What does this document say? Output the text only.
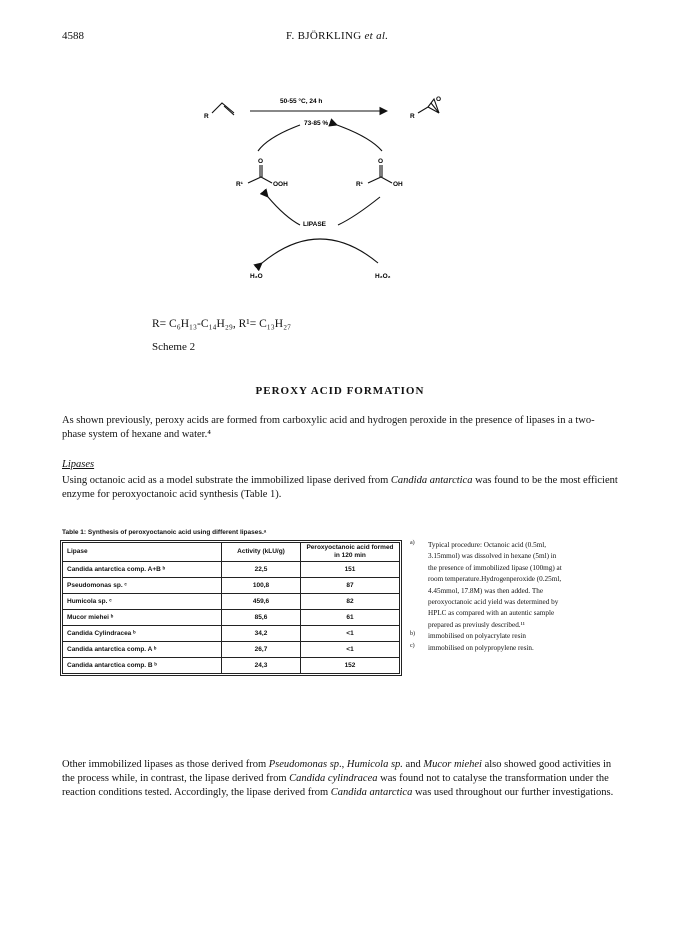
4588	F. BJÖRKLING et al.
R
50-55 °C, 24 h
73-85 %
R
O
O
R¹	OOH
O
R¹	OH
LIPASE
H₂O	H₂O₂
R= C₆H₁₃-C₁₄H₂₉, R¹= C₁₃H₂₇
Scheme 2
PEROXY ACID FORMATION

As shown previously, peroxy acids are formed from carboxylic acid and hydrogen peroxide in the presence of lipases in a two-phase system of hexane and water.⁴

Lipases

Using octanoic acid as a model substrate the immobilized lipase derived from Candida antarctica was found to be the most efficient enzyme for peroxyoctanoic acid synthesis (Table 1).

Table 1: Synthesis of peroxyoctanoic acid using different lipases.ᵃ
Lipase	Activity (kLU/g)	Peroxyoctanoic acid formed in 120 min
Candida antarctica comp. A+B ᵇ	22,5	151
Pseudomonas sp. ᶜ	100,8	87
Humicola sp. ᶜ	459,6	82
Mucor miehei ᵇ	85,6	61
Candida Cylindracea ᵇ	34,2	<1
Candida antarctica comp. A ᵇ	26,7	<1
Candida antarctica comp. B ᵇ	24,3	152
a) Typical procedure: Octanoic acid (0.5ml,
3.15mmol) was dissolved in hexane (5ml) in
the presence of immobilized lipase (100mg) at
room temperature.Hydrogenperoxide (0.25ml,
4.45mmol, 17.8M) was then added. The
peroxyoctanoic acid yield was determined by
HPLC as compared with an autentic sample
prepared as previusly described.¹¹
b) immobilised on polyacrylate resin
c) immobilised on polypropylene resin.

Other immobilized lipases as those derived from Pseudomonas sp., Humicola sp. and Mucor miehei also showed good activities in the process while, in contrast, the lipase derived from Candida cylindracea was found not to catalyse the transformation under the reaction conditions tested. Accordingly, the lipase derived from Candida antarctica was used throughout our further investigations.
